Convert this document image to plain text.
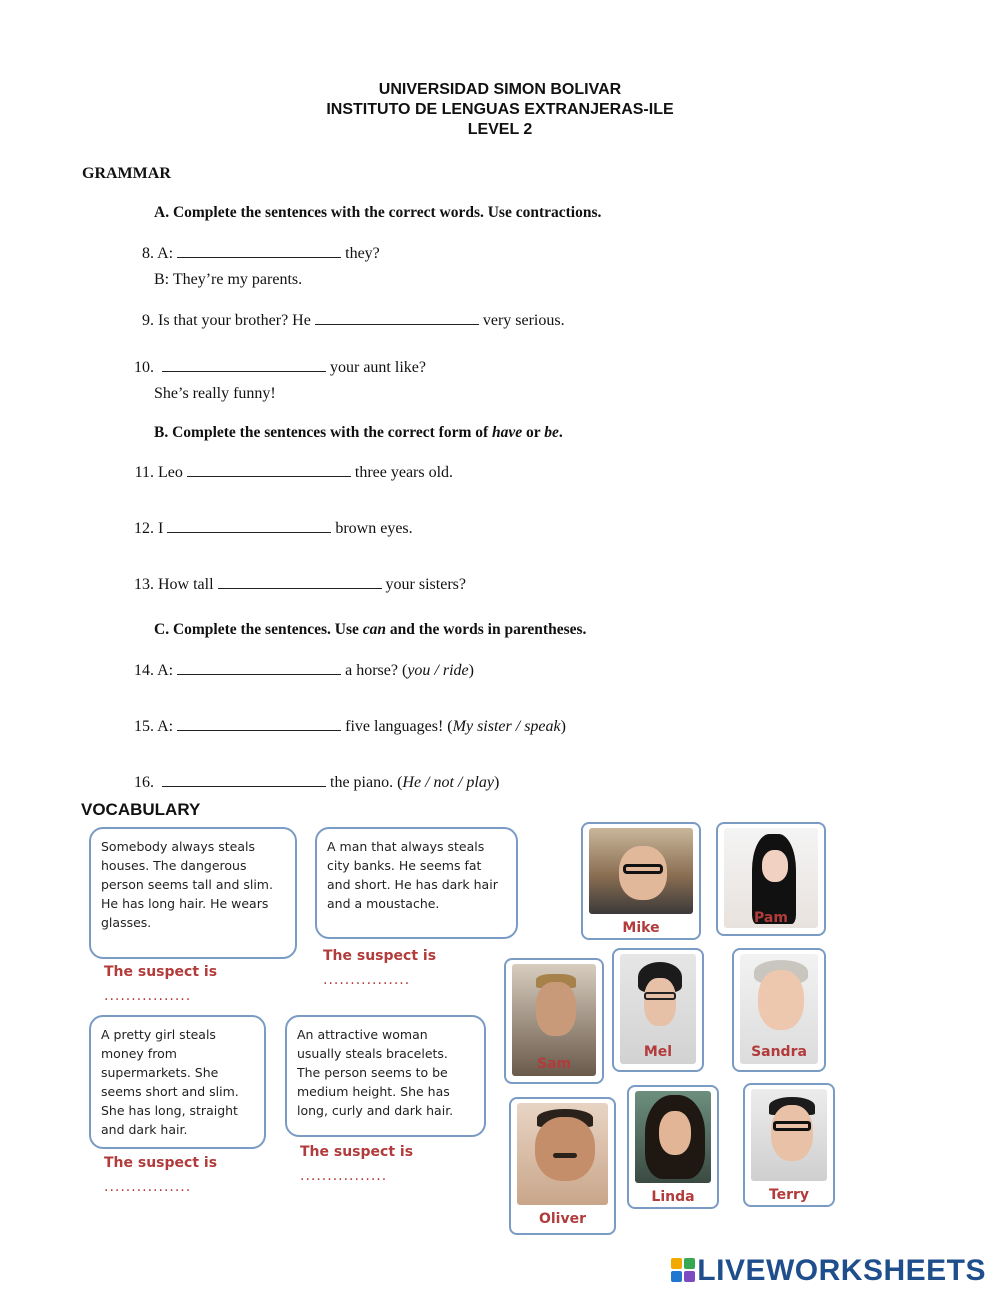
UNIVERSIDAD SIMON BOLIVAR
INSTITUTO DE LENGUAS EXTRANJERAS-ILE
LEVEL 2
GRAMMAR
A. Complete the sentences with the correct words. Use contractions.
8. A:	they?
B: They’re my parents.
9. Is that your brother? He	very serious.
10.	your aunt like?
She’s really funny!
B. Complete the sentences with the correct form of have or be.
11. Leo	three years old.
12. I	brown eyes.
13. How tall	your sisters?
C. Complete the sentences. Use can and the words in parentheses.
14. A:	a horse? (you / ride)
15. A:	five languages! (My sister / speak)
16.	the piano. (He / not / play)
VOCABULARY
Somebody always steals houses. The dangerous person seems tall and slim. He has long hair. He wears glasses.
The suspect is
................
A man that always steals city banks. He seems fat and short. He has dark hair and a moustache.
The suspect is
................
A pretty girl steals money from supermarkets. She seems short and slim. She has long, straight and dark hair.
The suspect is
................
An attractive woman usually steals bracelets. The person seems to be medium height. She has long, curly and dark hair.
The suspect is
................
Mike
Pam
Sam
Mel	Sandra
Oliver
Linda	Terry
LIVEWORKSHEETS
